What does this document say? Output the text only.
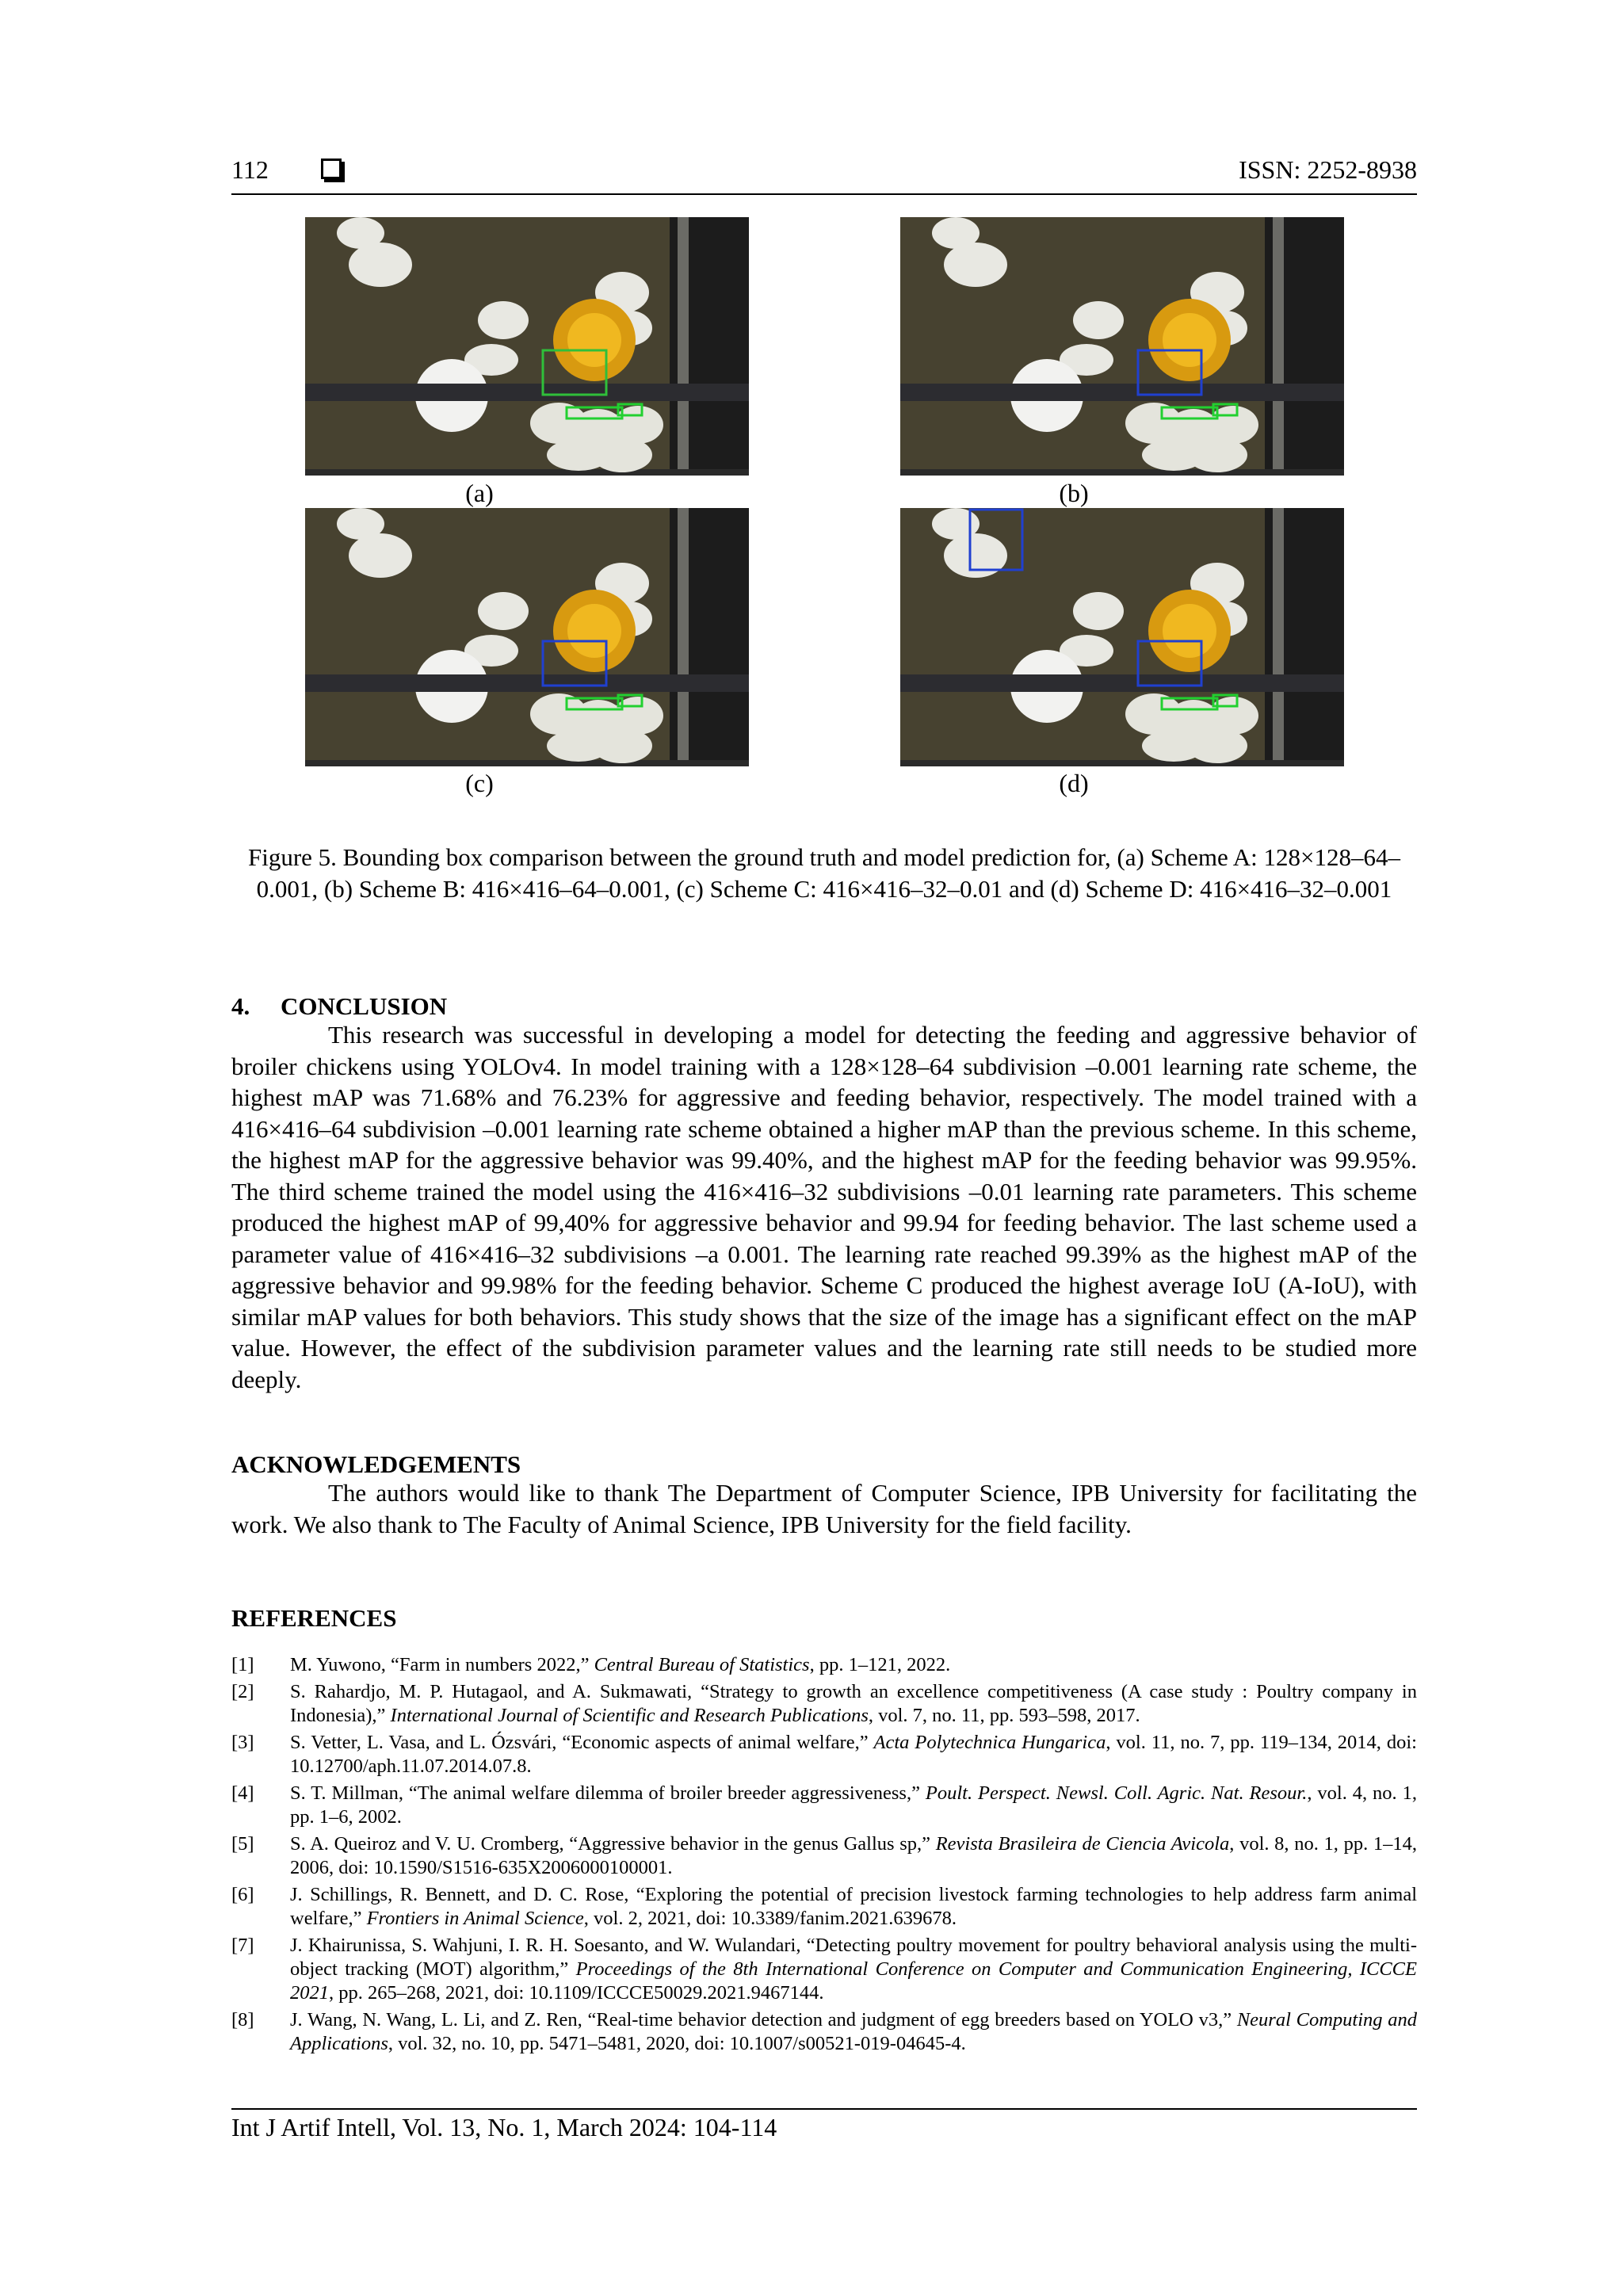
112	ISSN: 2252-8938
Figure 5. Bounding box comparison between the ground truth and model prediction for, (a) Scheme A: 128×128–64–0.001, (b) Scheme B: 416×416–64–0.001, (c) Scheme C: 416×416–32–0.01 and (d) Scheme D: 416×416–32–0.001
4.     CONCLUSION
This research was successful in developing a model for detecting the feeding and aggressive behavior of broiler chickens using YOLOv4. In model training with a 128×128–64 subdivision –0.001 learning rate scheme, the highest mAP was 71.68% and 76.23% for aggressive and feeding behavior, respectively. The model trained with a 416×416–64 subdivision –0.001 learning rate scheme obtained a higher mAP than the previous scheme. In this scheme, the highest mAP for the aggressive behavior was 99.40%, and the highest mAP for the feeding behavior was 99.95%. The third scheme trained the model using the 416×416–32 subdivisions –0.01 learning rate parameters. This scheme produced the highest mAP of 99,40% for aggressive behavior and 99.94 for feeding behavior. The last scheme used a parameter value of 416×416–32 subdivisions –a 0.001. The learning rate reached 99.39% as the highest mAP of the aggressive behavior and 99.98% for the feeding behavior. Scheme C produced the highest average IoU (A-IoU), with similar mAP values for both behaviors. This study shows that the size of the image has a significant effect on the mAP value. However, the effect of the subdivision parameter values and the learning rate still needs to be studied more deeply.
ACKNOWLEDGEMENTS
The authors would like to thank The Department of Computer Science, IPB University for facilitating the work. We also thank to The Faculty of Animal Science, IPB University for the field facility.
REFERENCES
[1]	M. Yuwono, “Farm in numbers 2022,” Central Bureau of Statistics, pp. 1–121, 2022.
[2]	S. Rahardjo, M. P. Hutagaol, and A. Sukmawati, “Strategy to growth an excellence competitiveness (A case study : Poultry company in Indonesia),” International Journal of Scientific and Research Publications, vol. 7, no. 11, pp. 593–598, 2017.
[3]	S. Vetter, L. Vasa, and L. Ózsvári, “Economic aspects of animal welfare,” Acta Polytechnica Hungarica, vol. 11, no. 7, pp. 119–134, 2014, doi: 10.12700/aph.11.07.2014.07.8.
[4]	S. T. Millman, “The animal welfare dilemma of broiler breeder aggressiveness,” Poult. Perspect. Newsl. Coll. Agric. Nat. Resour., vol. 4, no. 1, pp. 1–6, 2002.
[5]	S. A. Queiroz and V. U. Cromberg, “Aggressive behavior in the genus Gallus sp,” Revista Brasileira de Ciencia Avicola, vol. 8, no. 1, pp. 1–14, 2006, doi: 10.1590/S1516-635X2006000100001.
[6]	J. Schillings, R. Bennett, and D. C. Rose, “Exploring the potential of precision livestock farming technologies to help address farm animal welfare,” Frontiers in Animal Science, vol. 2, 2021, doi: 10.3389/fanim.2021.639678.
[7]	J. Khairunissa, S. Wahjuni, I. R. H. Soesanto, and W. Wulandari, “Detecting poultry movement for poultry behavioral analysis using the multi-object tracking (MOT) algorithm,” Proceedings of the 8th International Conference on Computer and Communication Engineering, ICCCE 2021, pp. 265–268, 2021, doi: 10.1109/ICCCE50029.2021.9467144.
[8]	J. Wang, N. Wang, L. Li, and Z. Ren, “Real-time behavior detection and judgment of egg breeders based on YOLO v3,” Neural Computing and Applications, vol. 32, no. 10, pp. 5471–5481, 2020, doi: 10.1007/s00521-019-04645-4.
Int J Artif Intell, Vol. 13, No. 1, March 2024: 104-114
(a)	(b)
(c)	(d)
